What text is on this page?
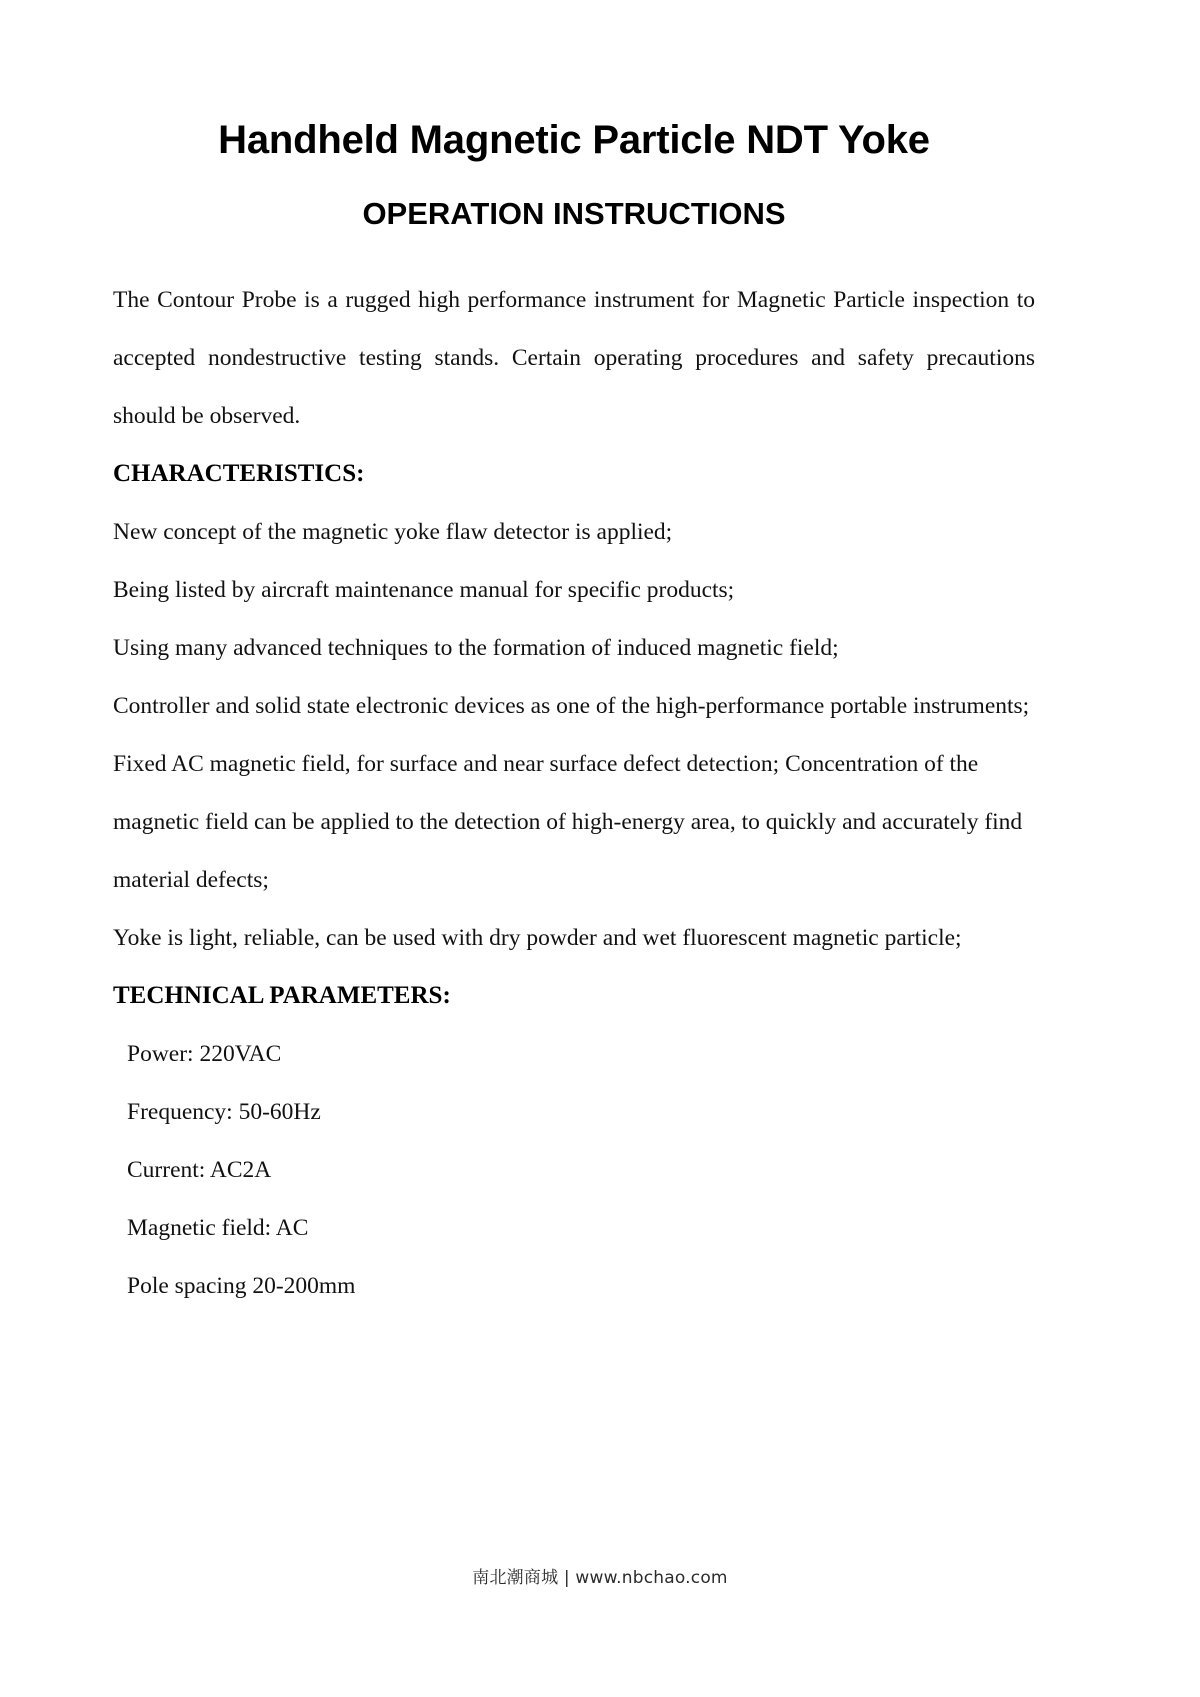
Handheld Magnetic Particle NDT Yoke
OPERATION INSTRUCTIONS

The Contour Probe is a rugged high performance instrument for Magnetic Particle inspection to accepted nondestructive testing stands. Certain operating procedures and safety precautions should be observed.

CHARACTERISTICS:

New concept of the magnetic yoke flaw detector is applied;

Being listed by aircraft maintenance manual for specific products;

Using many advanced techniques to the formation of induced magnetic field;

Controller and solid state electronic devices as one of the high-performance portable instruments;

Fixed AC magnetic field, for surface and near surface defect detection; Concentration of the magnetic field can be applied to the detection of high-energy area, to quickly and accurately find material defects;

Yoke is light, reliable, can be used with dry powder and wet fluorescent magnetic particle;

TECHNICAL PARAMETERS:

Power: 220VAC

Frequency: 50-60Hz

Current: AC2A

Magnetic field: AC

Pole spacing 20-200mm

南北潮商城 | www.nbchao.com
